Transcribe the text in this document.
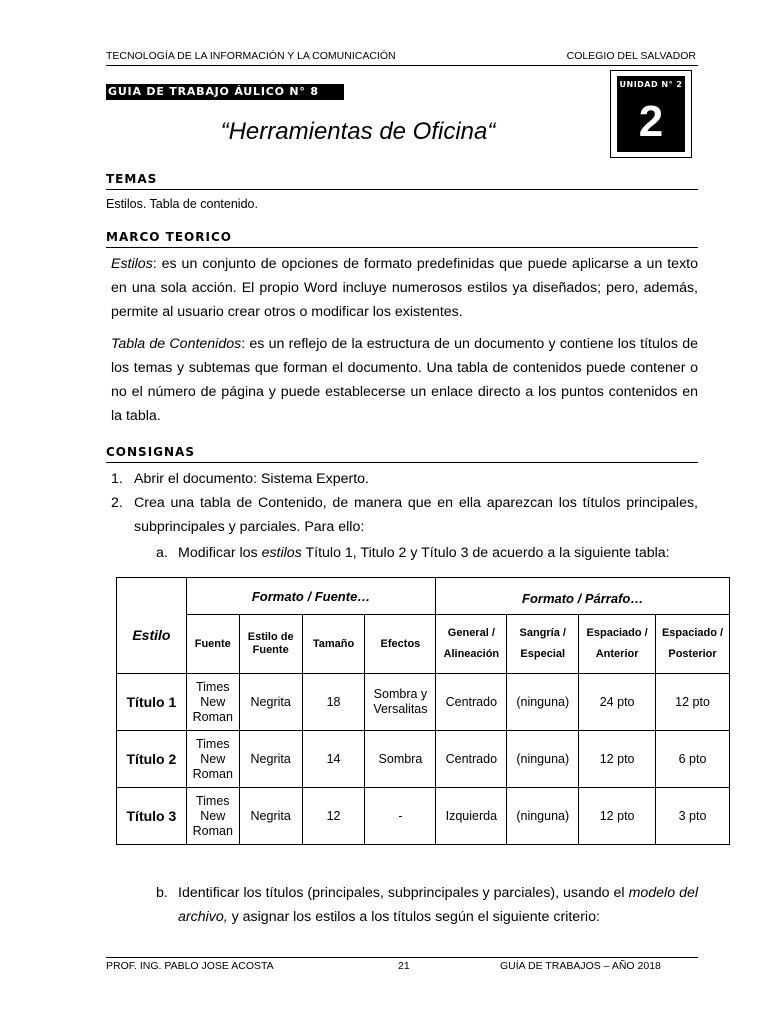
TECNOLOGÍA DE LA INFORMACIÓN Y LA COMUNICACIÓN	COLEGIO DEL SALVADOR
GUIA DE TRABAJO ÁULICO N° 8
UNIDAD N° 2
2
“Herramientas de Oficina“
TEMAS
Estilos. Tabla de contenido.
MARCO TEORICO
Estilos: es un conjunto de opciones de formato predefinidas que puede aplicarse a un texto en una sola acción. El propio Word incluye numerosos estilos ya diseñados; pero, además, permite al usuario crear otros o modificar los existentes.
Tabla de Contenidos: es un reflejo de la estructura de un documento y contiene los títulos de los temas y subtemas que forman el documento. Una tabla de contenidos puede contener o no el número de página y puede establecerse un enlace directo a los puntos contenidos en la tabla.
CONSIGNAS
1. Abrir el documento: Sistema Experto.
2. Crea una tabla de Contenido, de manera que en ella aparezcan los títulos principales, subprincipales y parciales. Para ello:
a. Modificar los estilos Título 1, Titulo 2 y Título 3 de acuerdo a la siguiente tabla:
	Formato / Fuente…				Formato / Párrafo…			
Estilo	Fuente	Estilo de Fuente	Tamaño	Efectos	General / Alineación	Sangría / Especial	Espaciado / Anterior	Espaciado / Posterior
Título 1	Times New Roman	Negrita	18	Sombra y Versalitas	Centrado	(ninguna)	24 pto	12 pto
Título 2	Times New Roman	Negrita	14	Sombra	Centrado	(ninguna)	12 pto	6 pto
Título 3	Times New Roman	Negrita	12	-	Izquierda	(ninguna)	12 pto	3 pto
b. Identificar los títulos (principales, subprincipales y parciales), usando el modelo del archivo, y asignar los estilos a los títulos según el siguiente criterio:
PROF. ING. PABLO JOSE ACOSTA	21	GUÍA DE TRABAJOS – AÑO 2018
